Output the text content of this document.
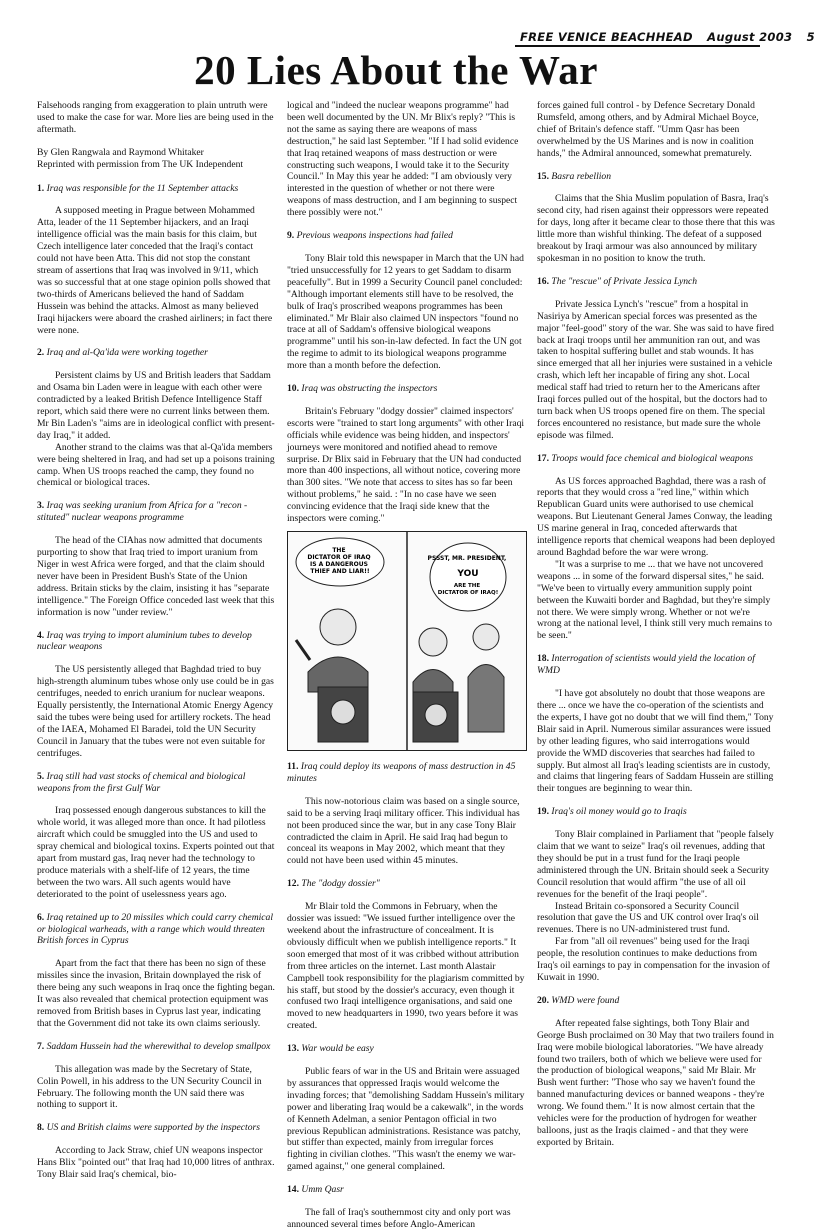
FREE VENICE BEACHHEAD August 2003 5
20 Lies About the War

Falsehoods ranging from exaggeration to plain untruth were used to make the case for war. More lies are being used in the aftermath.

By Glen Rangwala and Raymond Whitaker
Reprinted with permission from The UK Independent

1. Iraq was responsible for the 11 September attacks

A supposed meeting in Prague between Mohammed Atta, leader of the 11 September hijackers, and an Iraqi intelligence official was the main basis for this claim, but Czech intelligence later conceded that the Iraqi's contact could not have been Atta. This did not stop the constant stream of assertions that Iraq was involved in 9/11, which was so successful that at one stage opinion polls showed that two-thirds of Americans believed the hand of Saddam Hussein was behind the attacks. Almost as many believed Iraqi hijackers were aboard the crashed airliners; in fact there were none.

2. Iraq and al-Qa'ida were working together

Persistent claims by US and British leaders that Saddam and Osama bin Laden were in league with each other were contradicted by a leaked British Defence Intelligence Staff report, which said there were no current links between them. Mr Bin Laden's "aims are in ideological conflict with present-day Iraq," it added.

Another strand to the claims was that al-Qa'ida members were being sheltered in Iraq, and had set up a poisons training camp. When US troops reached the camp, they found no chemical or biological traces.

3. Iraq was seeking uranium from Africa for a "recon - stituted" nuclear weapons programme

The head of the CIAhas now admitted that documents purporting to show that Iraq tried to import uranium from Niger in west Africa were forged, and that the claim should never have been in President Bush's State of the Union address. Britain sticks by the claim, insisting it has "separate intelligence." The Foreign Office conceded last week that this information is now "under review."

4. Iraq was trying to import aluminium tubes to develop nuclear weapons

The US persistently alleged that Baghdad tried to buy high-strength aluminum tubes whose only use could be in gas centrifuges, needed to enrich uranium for nuclear weapons. Equally persistently, the International Atomic Energy Agency said the tubes were being used for artillery rockets. The head of the IAEA, Mohamed El Baradei, told the UN Security Council in January that the tubes were not even suitable for centrifuges.

5. Iraq still had vast stocks of chemical and biological weapons from the first Gulf War

Iraq possessed enough dangerous substances to kill the whole world, it was alleged more than once. It had pilotless aircraft which could be smuggled into the US and used to spray chemical and biological toxins. Experts pointed out that apart from mustard gas, Iraq never had the technology to produce materials with a shelf-life of 12 years, the time between the two wars. All such agents would have deteriorated to the point of uselessness years ago.

6. Iraq retained up to 20 missiles which could carry chemical or biological warheads, with a range which would threaten British forces in Cyprus

Apart from the fact that there has been no sign of these missiles since the invasion, Britain downplayed the risk of there being any such weapons in Iraq once the fighting began. It was also revealed that chemical protection equipment was removed from British bases in Cyprus last year, indicating that the Government did not take its own claims seriously.

7. Saddam Hussein had the wherewithal to develop smallpox

This allegation was made by the Secretary of State, Colin Powell, in his address to the UN Security Council in February. The following month the UN said there was nothing to support it.

8. US and British claims were supported by the inspectors

According to Jack Straw, chief UN weapons inspector Hans Blix "pointed out" that Iraq had 10,000 litres of anthrax. Tony Blair said Iraq's chemical, bio-

logical and "indeed the nuclear weapons programme" had been well documented by the UN. Mr Blix's reply? "This is not the same as saying there are weapons of mass destruction," he said last September. "If I had solid evidence that Iraq retained weapons of mass destruction or were constructing such weapons, I would take it to the Security Council." In May this year he added: "I am obviously very interested in the question of whether or not there were weapons of mass destruction, and I am beginning to suspect there possibly were not."

9. Previous weapons inspections had failed

Tony Blair told this newspaper in March that the UN had "tried unsuccessfully for 12 years to get Saddam to disarm peacefully". But in 1999 a Security Council panel concluded: "Although important elements still have to be resolved, the bulk of Iraq's proscribed weapons programmes has been eliminated." Mr Blair also claimed UN inspectors "found no trace at all of Saddam's offensive biological weapons programme" until his son-in-law defected. In fact the UN got the regime to admit to its biological weapons programme more than a month before the defection.

10. Iraq was obstructing the inspectors

Britain's February "dodgy dossier" claimed inspectors' escorts were "trained to start long arguments" with other Iraqi officials while evidence was being hidden, and inspectors' journeys were monitored and notified ahead to remove surprise. Dr Blix said in February that the UN had conducted more than 400 inspections, all without notice, covering more than 300 sites. "We note that access to sites has so far been without problems," he said. : "In no case have we seen convincing evidence that the Iraqi side knew that the inspectors were coming."

THE DICTATOR OF IRAQ IS A DANGEROUS THIEF AND LIAR!!
PSSST, MR. PRESIDENT, YOU
ARE THE DICTATOR OF IRAQ!

11. Iraq could deploy its weapons of mass destruction in 45 minutes

This now-notorious claim was based on a single source, said to be a serving Iraqi military officer. This individual has not been produced since the war, but in any case Tony Blair contradicted the claim in April. He said Iraq had begun to conceal its weapons in May 2002, which meant that they could not have been used within 45 minutes.

12. The "dodgy dossier"

Mr Blair told the Commons in February, when the dossier was issued: "We issued further intelligence over the weekend about the infrastructure of concealment. It is obviously difficult when we publish intelligence reports." It soon emerged that most of it was cribbed without attribution from three articles on the internet. Last month Alastair Campbell took responsibility for the plagiarism committed by his staff, but stood by the dossier's accuracy, even though it confused two Iraqi intelligence organisations, and said one moved to new headquarters in 1990, two years before it was created.

13. War would be easy

Public fears of war in the US and Britain were assuaged by assurances that oppressed Iraqis would welcome the invading forces; that "demolishing Saddam Hussein's military power and liberating Iraq would be a cakewalk", in the words of Kenneth Adelman, a senior Pentagon official in two previous Republican administrations. Resistance was patchy, but stiffer than expected, mainly from irregular forces fighting in civilian clothes. "This wasn't the enemy we war-gamed against," one general complained.

14. Umm Qasr

The fall of Iraq's southernmost city and only port was announced several times before Anglo-American

forces gained full control - by Defence Secretary Donald Rumsfeld, among others, and by Admiral Michael Boyce, chief of Britain's defence staff. "Umm Qasr has been overwhelmed by the US Marines and is now in coalition hands," the Admiral announced, somewhat prematurely.

15. Basra rebellion

Claims that the Shia Muslim population of Basra, Iraq's second city, had risen against their oppressors were repeated for days, long after it became clear to those there that this was little more than wishful thinking. The defeat of a supposed breakout by Iraqi armour was also announced by military spokesman in no position to know the truth.

16. The "rescue" of Private Jessica Lynch

Private Jessica Lynch's "rescue" from a hospital in Nasiriya by American special forces was presented as the major "feel-good" story of the war. She was said to have fired back at Iraqi troops until her ammunition ran out, and was taken to hospital suffering bullet and stab wounds. It has since emerged that all her injuries were sustained in a vehicle crash, which left her incapable of firing any shot. Local medical staff had tried to return her to the Americans after Iraqi forces pulled out of the hospital, but the doctors had to turn back when US troops opened fire on them. The special forces encountered no resistance, but made sure the whole episode was filmed.

17. Troops would face chemical and biological weapons

As US forces approached Baghdad, there was a rash of reports that they would cross a "red line," within which Republican Guard units were authorised to use chemical weapons. But Lieutenant General James Conway, the leading US marine general in Iraq, conceded afterwards that intelligence reports that chemical weapons had been deployed around Baghdad before the war were wrong.

"It was a surprise to me ... that we have not uncovered weapons ... in some of the forward dispersal sites," he said. "We've been to virtually every ammunition supply point between the Kuwaiti border and Baghdad, but they're simply not there. We were simply wrong. Whether or not we're wrong at the national level, I think still very much remains to be seen."

18. Interrogation of scientists would yield the location of WMD

"I have got absolutely no doubt that those weapons are there ... once we have the co-operation of the scientists and the experts, I have got no doubt that we will find them," Tony Blair said in April. Numerous similar assurances were issued by other leading figures, who said interrogations would provide the WMD discoveries that searches had failed to supply. But almost all Iraq's leading scientists are in custody, and claims that lingering fears of Saddam Hussein are stilling their tongues are beginning to wear thin.

19. Iraq's oil money would go to Iraqis

Tony Blair complained in Parliament that "people falsely claim that we want to seize" Iraq's oil revenues, adding that they should be put in a trust fund for the Iraqi people administered through the UN. Britain should seek a Security Council resolution that would affirm "the use of all oil revenues for the benefit of the Iraqi people".

Instead Britain co-sponsored a Security Council resolution that gave the US and UK control over Iraq's oil revenues. There is no UN-administered trust fund.

Far from "all oil revenues" being used for the Iraqi people, the resolution continues to make deductions from Iraq's oil earnings to pay in compensation for the invasion of Kuwait in 1990.

20. WMD were found

After repeated false sightings, both Tony Blair and George Bush proclaimed on 30 May that two trailers found in Iraq were mobile biological laboratories. "We have already found two trailers, both of which we believe were used for the production of biological weapons," said Mr Blair. Mr Bush went further: "Those who say we haven't found the banned manufacturing devices or banned weapons - they're wrong. We found them." It is now almost certain that the vehicles were for the production of hydrogen for weather balloons, just as the Iraqis claimed - and that they were exported by Britain.
